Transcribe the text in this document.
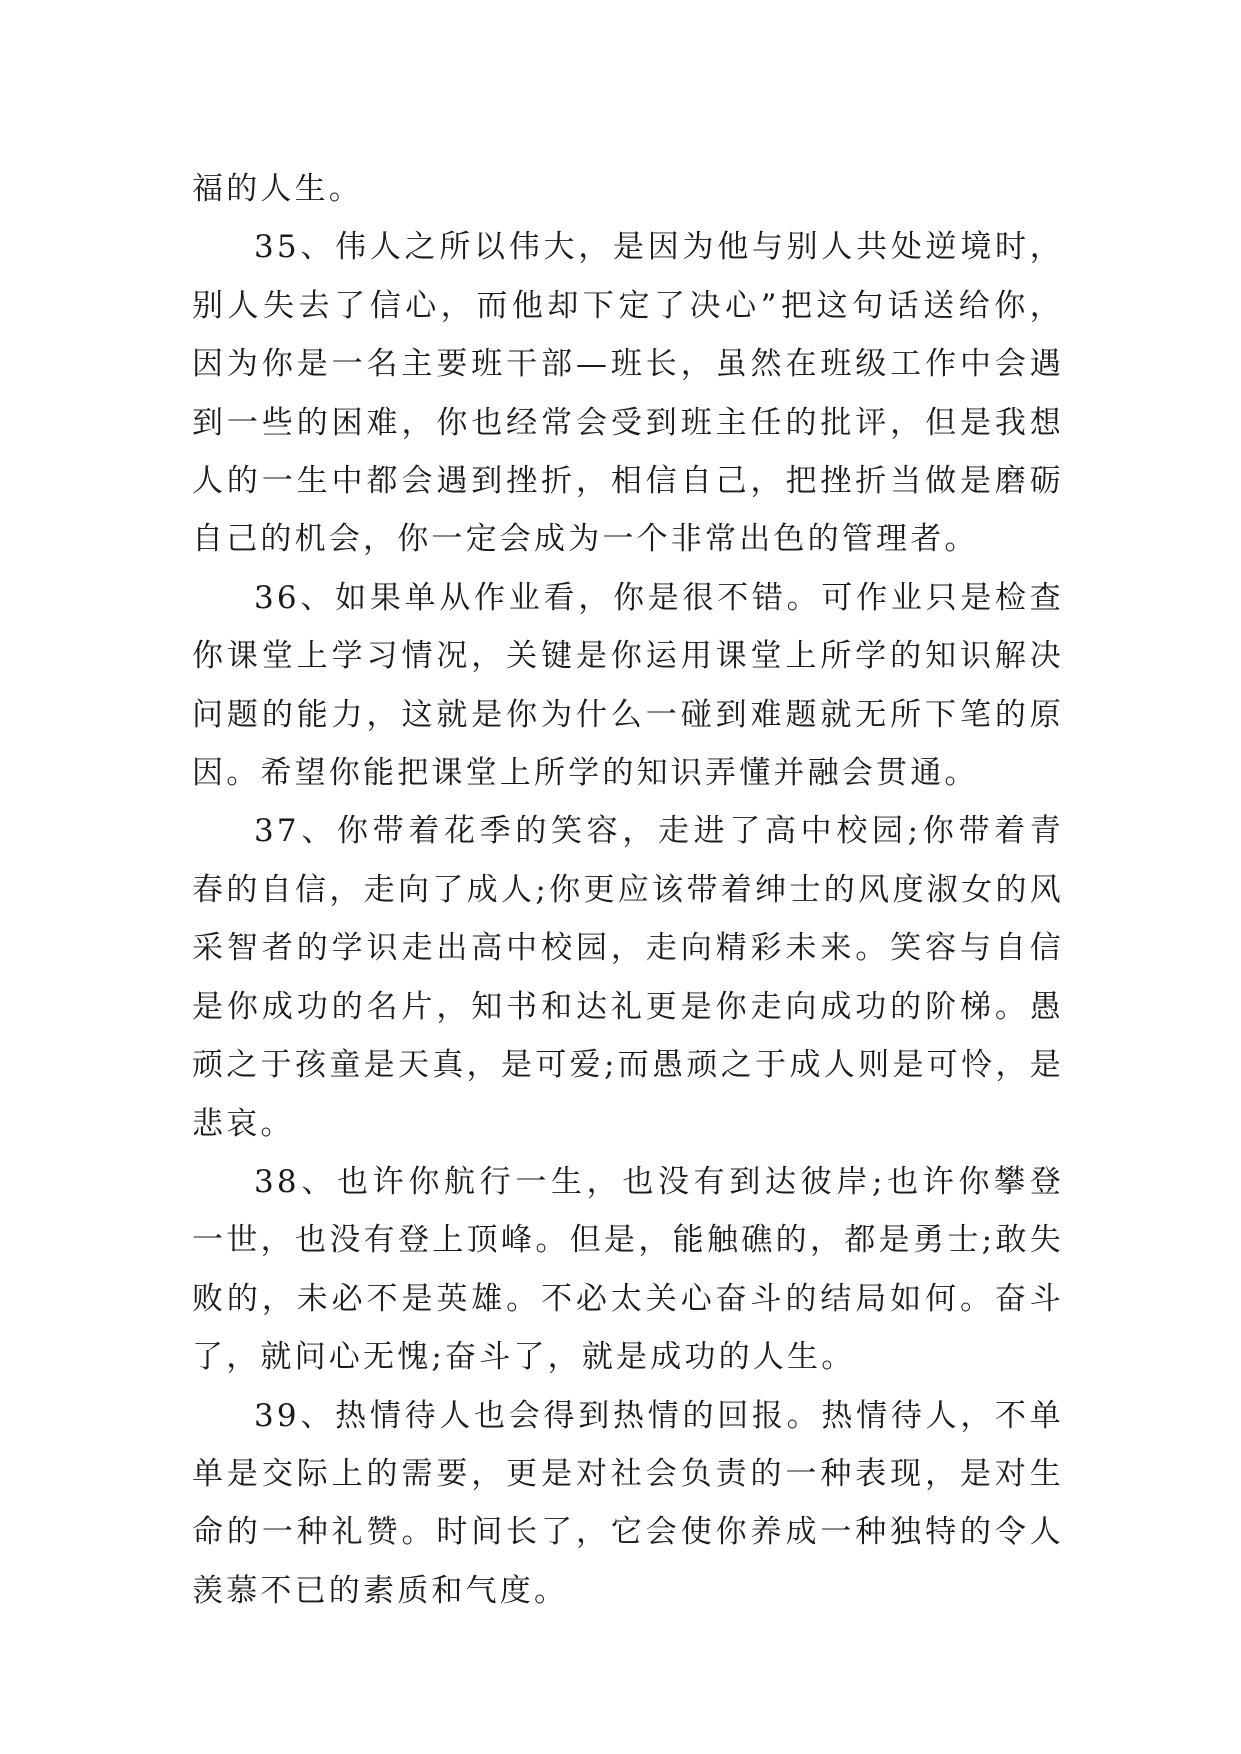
福的人生。

35、伟人之所以伟大，是因为他与别人共处逆境时，别人失去了信心，而他却下定了决心”把这句话送给你，因为你是一名主要班干部—班长，虽然在班级工作中会遇到一些的困难，你也经常会受到班主任的批评，但是我想人的一生中都会遇到挫折，相信自己，把挫折当做是磨砺自己的机会，你一定会成为一个非常出色的管理者。

36、如果单从作业看，你是很不错。可作业只是检查你课堂上学习情况，关键是你运用课堂上所学的知识解决问题的能力，这就是你为什么一碰到难题就无所下笔的原因。希望你能把课堂上所学的知识弄懂并融会贯通。

37、你带着花季的笑容，走进了高中校园;你带着青春的自信，走向了成人;你更应该带着绅士的风度淑女的风采智者的学识走出高中校园，走向精彩未来。笑容与自信是你成功的名片，知书和达礼更是你走向成功的阶梯。愚顽之于孩童是天真，是可爱;而愚顽之于成人则是可怜，是悲哀。

38、也许你航行一生，也没有到达彼岸;也许你攀登一世，也没有登上顶峰。但是，能触礁的，都是勇士;敢失败的，未必不是英雄。不必太关心奋斗的结局如何。奋斗了，就问心无愧;奋斗了，就是成功的人生。

39、热情待人也会得到热情的回报。热情待人，不单单是交际上的需要，更是对社会负责的一种表现，是对生命的一种礼赞。时间长了，它会使你养成一种独特的令人羡慕不已的素质和气度。
